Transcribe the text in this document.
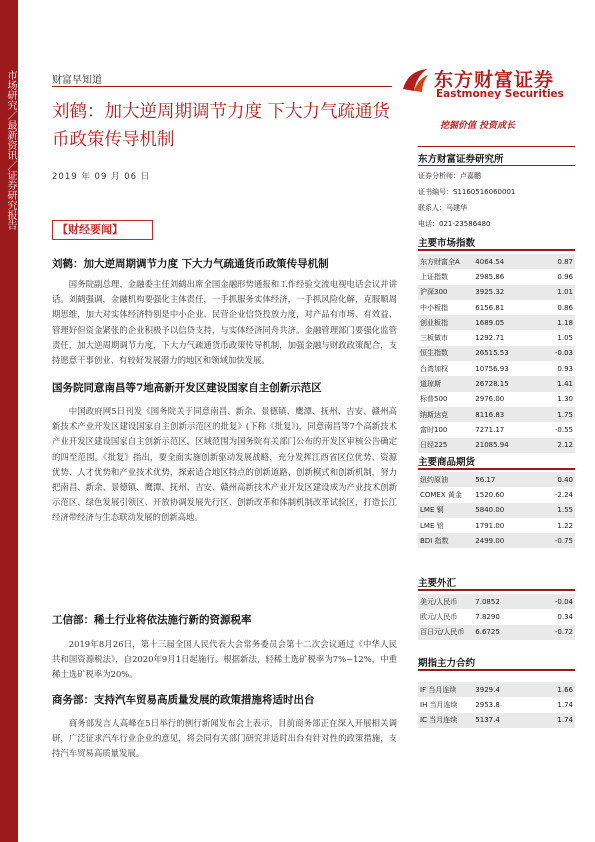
市场研究／最新资讯／证券研究报告	财富早知道
刘鹤：加大逆周期调节力度 下大力气疏通货币政策传导机制
2019 年 09 月 06 日
东方财富证券
Eastmoney Securities
挖掘价值 投资成长
【财经要闻】
刘鹤：加大逆周期调节力度 下大力气疏通货币政策传导机制
国务院副总理、金融委主任刘鹤出席全国金融形势通报和工作经验交流电视电话会议并讲话。刘鹤强调，金融机构要强化主体责任，一手抓服务实体经济，一手抓风险化解，克服顺周期思维，加大对实体经济特别是中小企业、民营企业信贷投放力度，对产品有市场、有效益、管理好但资金紧张的企业积极予以信贷支持，与实体经济同舟共济。金融管理部门要强化监管责任，加大逆周期调节力度，下大力气疏通货币政策传导机制，加强金融与财政政策配合，支持愿意干事创业、有较好发展潜力的地区和领域加快发展。
国务院同意南昌等7地高新开发区建设国家自主创新示范区
中国政府网5日刊发《国务院关于同意南昌、新余、景德镇、鹰潭、抚州、吉安、赣州高新技术产业开发区建设国家自主创新示范区的批复》(下称《批复》)，同意南昌等7个高新技术产业开发区建设国家自主创新示范区，区域范围为国务院有关部门公布的开发区审核公告确定的四至范围。《批复》指出，要全面实施创新驱动发展战略，充分发挥江西省区位优势、资源优势、人才优势和产业技术优势，探索适合地区特点的创新道路、创新模式和创新机制，努力把南昌、新余、景德镇、鹰潭、抚州、吉安、赣州高新技术产业开发区建设成为产业技术创新示范区、绿色发展引领区、开放协调发展先行区、创新改革和体制机制改革试验区，打造长江经济带经济与生态联动发展的创新高地。
工信部：稀土行业将依法施行新的资源税率
2019年8月26日，第十三届全国人民代表大会常务委员会第十二次会议通过《中华人民共和国资源税法》，自2020年9月1日起施行。根据新法，轻稀土选矿税率为7%~12%，中重稀土选矿税率为20%。
商务部：支持汽车贸易高质量发展的政策措施将适时出台
商务部发言人高峰在5日举行的例行新闻发布会上表示，目前商务部正在深入开展相关调研，广泛征求汽车行业企业的意见，将会同有关部门研究并适时出台有针对性的政策措施，支持汽车贸易高质量发展。
东方财富证券研究所
证券分析师：卢嘉鹏
证书编号：S1160516060001
联系人：马建华
电话：021-23586480
主要市场指数
东方财富全A	4064.54	0.87
上证指数	2985.86	0.96
沪深300	3925.32	1.01
中小板指	6156.81	0.86
创业板指	1689.05	1.18
三板做市	1292.71	1.05
恒生指数	26515.53	-0.03
台湾加权	10756.93	0.93
道琼斯	26728.15	1.41
标普500	2976.00	1.30
纳斯达克	8116.83	1.75
富时100	7271.17	-0.55
日经225	21085.94	2.12
主要商品期货
纽约原油	56.17	0.40
COMEX 黄金	1520.60	-2.24
LME 铜	5840.00	1.55
LME 铝	1791.00	1.22
BDI 指数	2499.00	-0.75
主要外汇
美元/人民币	7.0852	-0.04
欧元/人民币	7.8290	0.34
百日元/人民币	6.6725	-0.72
期指主力合约
IF 当月连续	3929.4	1.66
IH 当月连续	2953.8	1.74
IC 当月连续	5137.4	1.74
